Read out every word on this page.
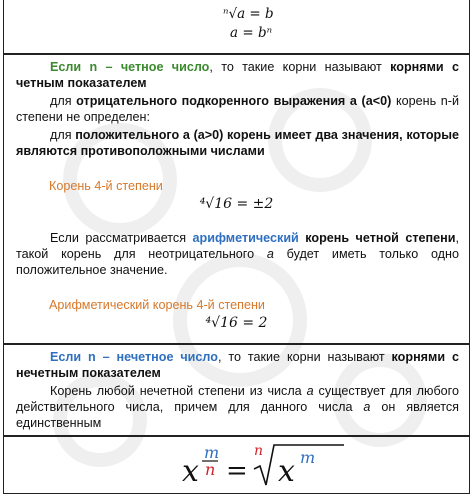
ⁿ√a = b
a = bⁿ

Если n – четное число, то такие корни называют корнями с четным показателем

для отрицательного подкоренного выражения a (a<0) корень n-й степени не определен:

для положительного a (a>0) корень имеет два значения, которые являются противоположными числами

Корень 4-й степени
⁴√16 = ±2

Если рассматривается арифметический корень четной степени, такой корень для неотрицательного a будет иметь только одно положительное значение.

Арифметический корень 4-й степени
⁴√16 = 2

Если n – нечетное число, то такие корни называют корнями с нечетным показателем

Корень любой нечетной степени из числа a существует для любого действительного числа, причем для данного числа a он является единственным

x
m
n =
n
x m
